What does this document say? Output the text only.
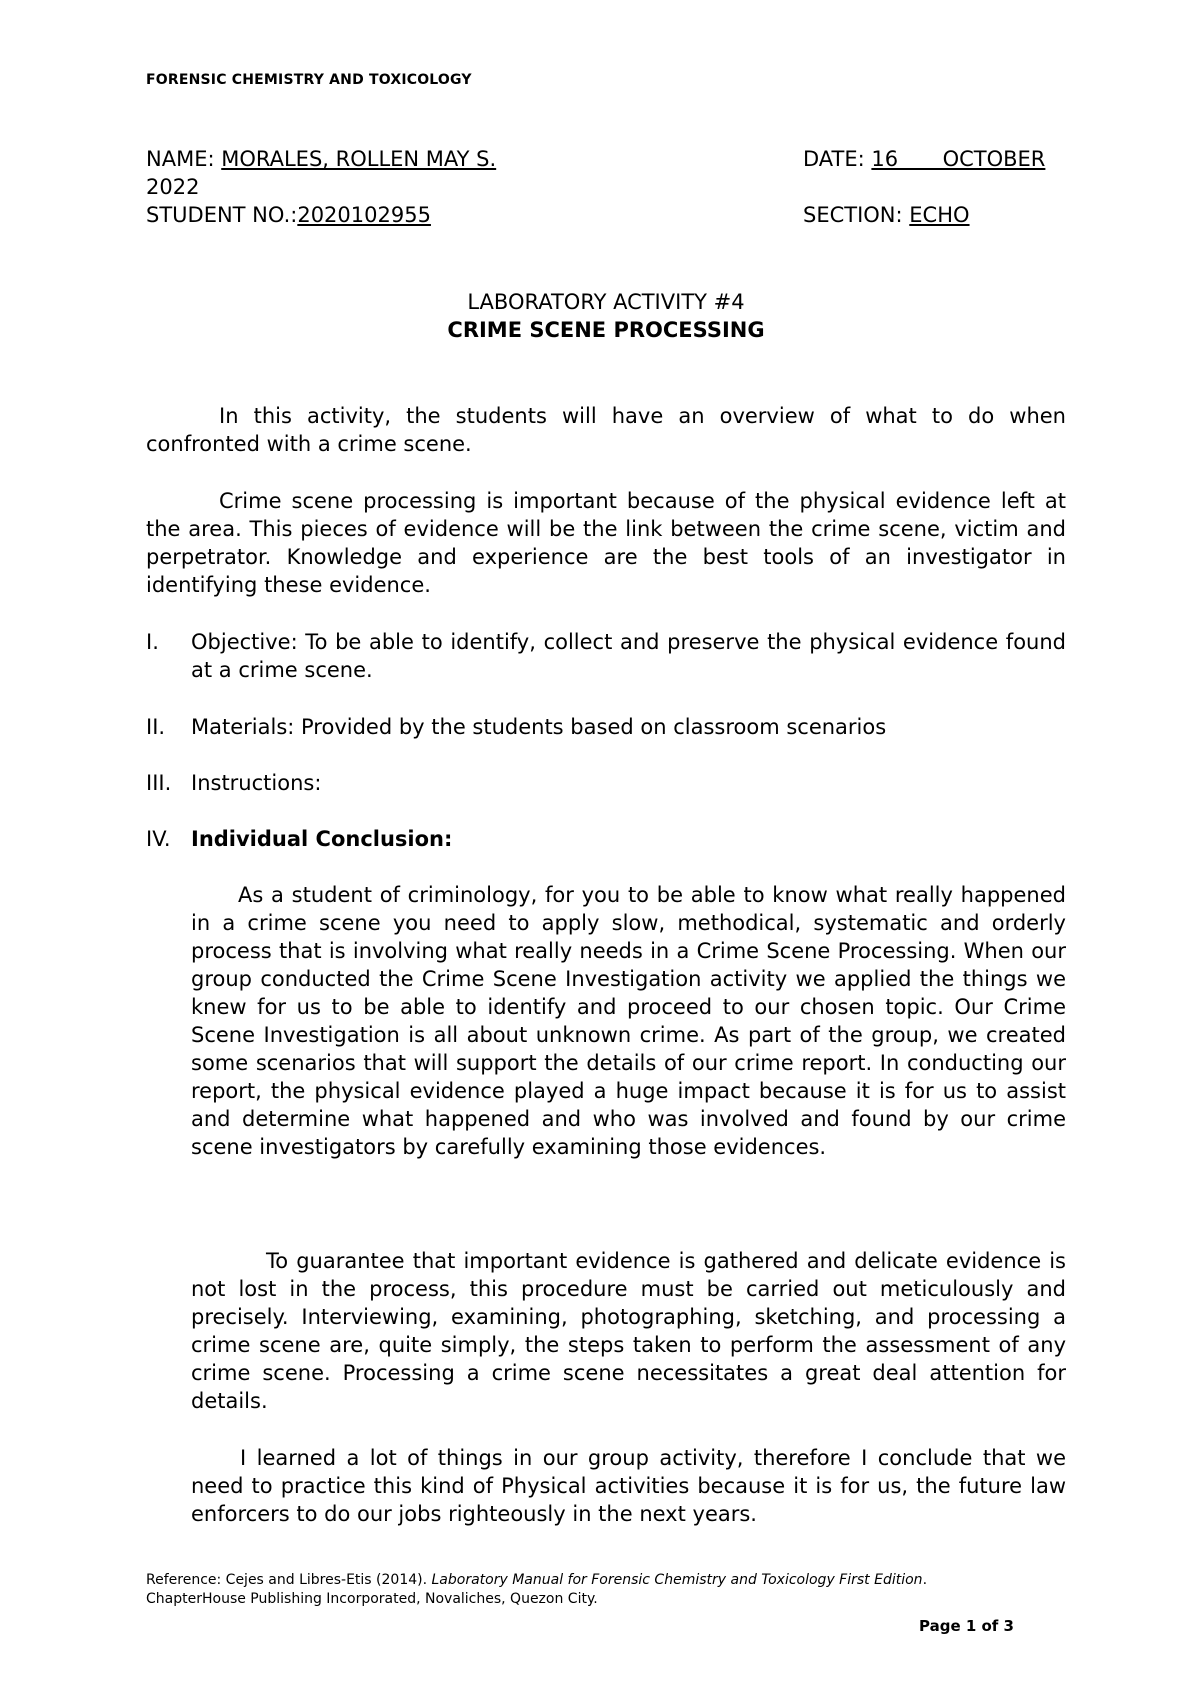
FORENSIC CHEMISTRY AND TOXICOLOGY
NAME: MORALES, ROLLEN MAY S.	DATE: 16 OCTOBER
2022
STUDENT NO.:2020102955	SECTION: ECHO
LABORATORY ACTIVITY #4
CRIME SCENE PROCESSING

In this activity, the students will have an overview of what to do when confronted with a crime scene.

Crime scene processing is important because of the physical evidence left at the area. This pieces of evidence will be the link between the crime scene, victim and perpetrator. Knowledge and experience are the best tools of an investigator in identifying these evidence.

I. Objective: To be able to identify, collect and preserve the physical evidence found at a crime scene.
II. Materials: Provided by the students based on classroom scenarios
III. Instructions:
IV. Individual Conclusion:

As a student of criminology, for you to be able to know what really happened in a crime scene you need to apply slow, methodical, systematic and orderly process that is involving what really needs in a Crime Scene Processing. When our group conducted the Crime Scene Investigation activity we applied the things we knew for us to be able to identify and proceed to our chosen topic. Our Crime Scene Investigation is all about unknown crime. As part of the group, we created some scenarios that will support the details of our crime report. In conducting our report, the physical evidence played a huge impact because it is for us to assist and determine what happened and who was involved and found by our crime scene investigators by carefully examining those evidences.

To guarantee that important evidence is gathered and delicate evidence is not lost in the process, this procedure must be carried out meticulously and precisely. Interviewing, examining, photographing, sketching, and processing a crime scene are, quite simply, the steps taken to perform the assessment of any crime scene. Processing a crime scene necessitates a great deal attention for details.

I learned a lot of things in our group activity, therefore I conclude that we need to practice this kind of Physical activities because it is for us, the future law enforcers to do our jobs righteously in the next years.

Reference: Cejes and Libres-Etis (2014). Laboratory Manual for Forensic Chemistry and Toxicology First Edition.
ChapterHouse Publishing Incorporated, Novaliches, Quezon City.
Page 1 of 3
